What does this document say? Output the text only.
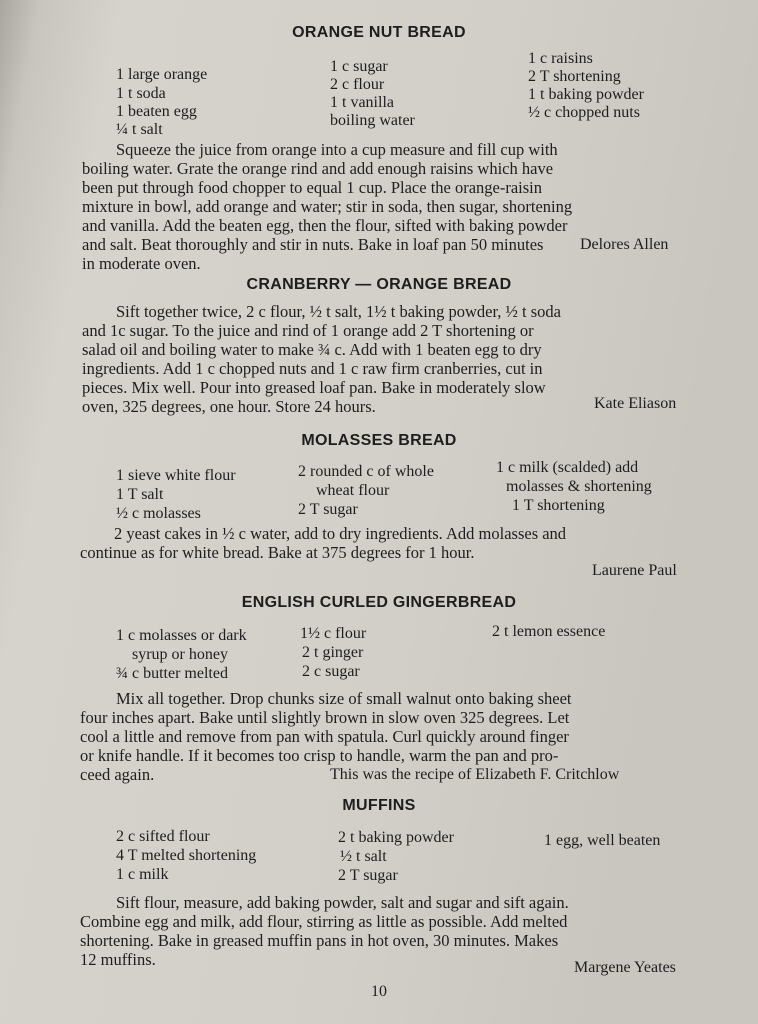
ORANGE NUT BREAD
1 large orange
1 t soda
1 beaten egg
¼ t salt
1 c sugar
2 c flour
1 t vanilla
boiling water
1 c raisins
2 T shortening
1 t baking powder
½ c chopped nuts
Squeeze the juice from orange into a cup measure and fill cup with
boiling water. Grate the orange rind and add enough raisins which have
been put through food chopper to equal 1 cup. Place the orange-raisin
mixture in bowl, add orange and water; stir in soda, then sugar, shortening
and vanilla. Add the beaten egg, then the flour, sifted with baking powder
and salt. Beat thoroughly and stir in nuts. Bake in loaf pan 50 minutes
in moderate oven.
Delores Allen
CRANBERRY — ORANGE BREAD
Sift together twice, 2 c flour, ½ t salt, 1½ t baking powder, ½ t soda
and 1c sugar. To the juice and rind of 1 orange add 2 T shortening or
salad oil and boiling water to make ¾ c. Add with 1 beaten egg to dry
ingredients. Add 1 c chopped nuts and 1 c raw firm cranberries, cut in
pieces. Mix well. Pour into greased loaf pan. Bake in moderately slow
oven, 325 degrees, one hour. Store 24 hours.	Kate Eliason
MOLASSES BREAD
1 sieve white flour
1 T salt
½ c molasses
2 rounded c of whole
wheat flour
2 T sugar
1 c milk (scalded) add
molasses & shortening
1 T shortening
2 yeast cakes in ½ c water, add to dry ingredients. Add molasses and
continue as for white bread. Bake at 375 degrees for 1 hour.
Laurene Paul
ENGLISH CURLED GINGERBREAD
1 c molasses or dark
syrup or honey
¾ c butter melted
1½ c flour
2 t ginger
2 c sugar
2 t lemon essence
Mix all together. Drop chunks size of small walnut onto baking sheet
four inches apart. Bake until slightly brown in slow oven 325 degrees. Let
cool a little and remove from pan with spatula. Curl quickly around finger
or knife handle. If it becomes too crisp to handle, warm the pan and pro-
ceed again.	This was the recipe of Elizabeth F. Critchlow
MUFFINS
2 c sifted flour
4 T melted shortening
1 c milk
2 t baking powder
½ t salt
2 T sugar
1 egg, well beaten
Sift flour, measure, add baking powder, salt and sugar and sift again.
Combine egg and milk, add flour, stirring as little as possible. Add melted
shortening. Bake in greased muffin pans in hot oven, 30 minutes. Makes
12 muffins.	Margene Yeates
10
